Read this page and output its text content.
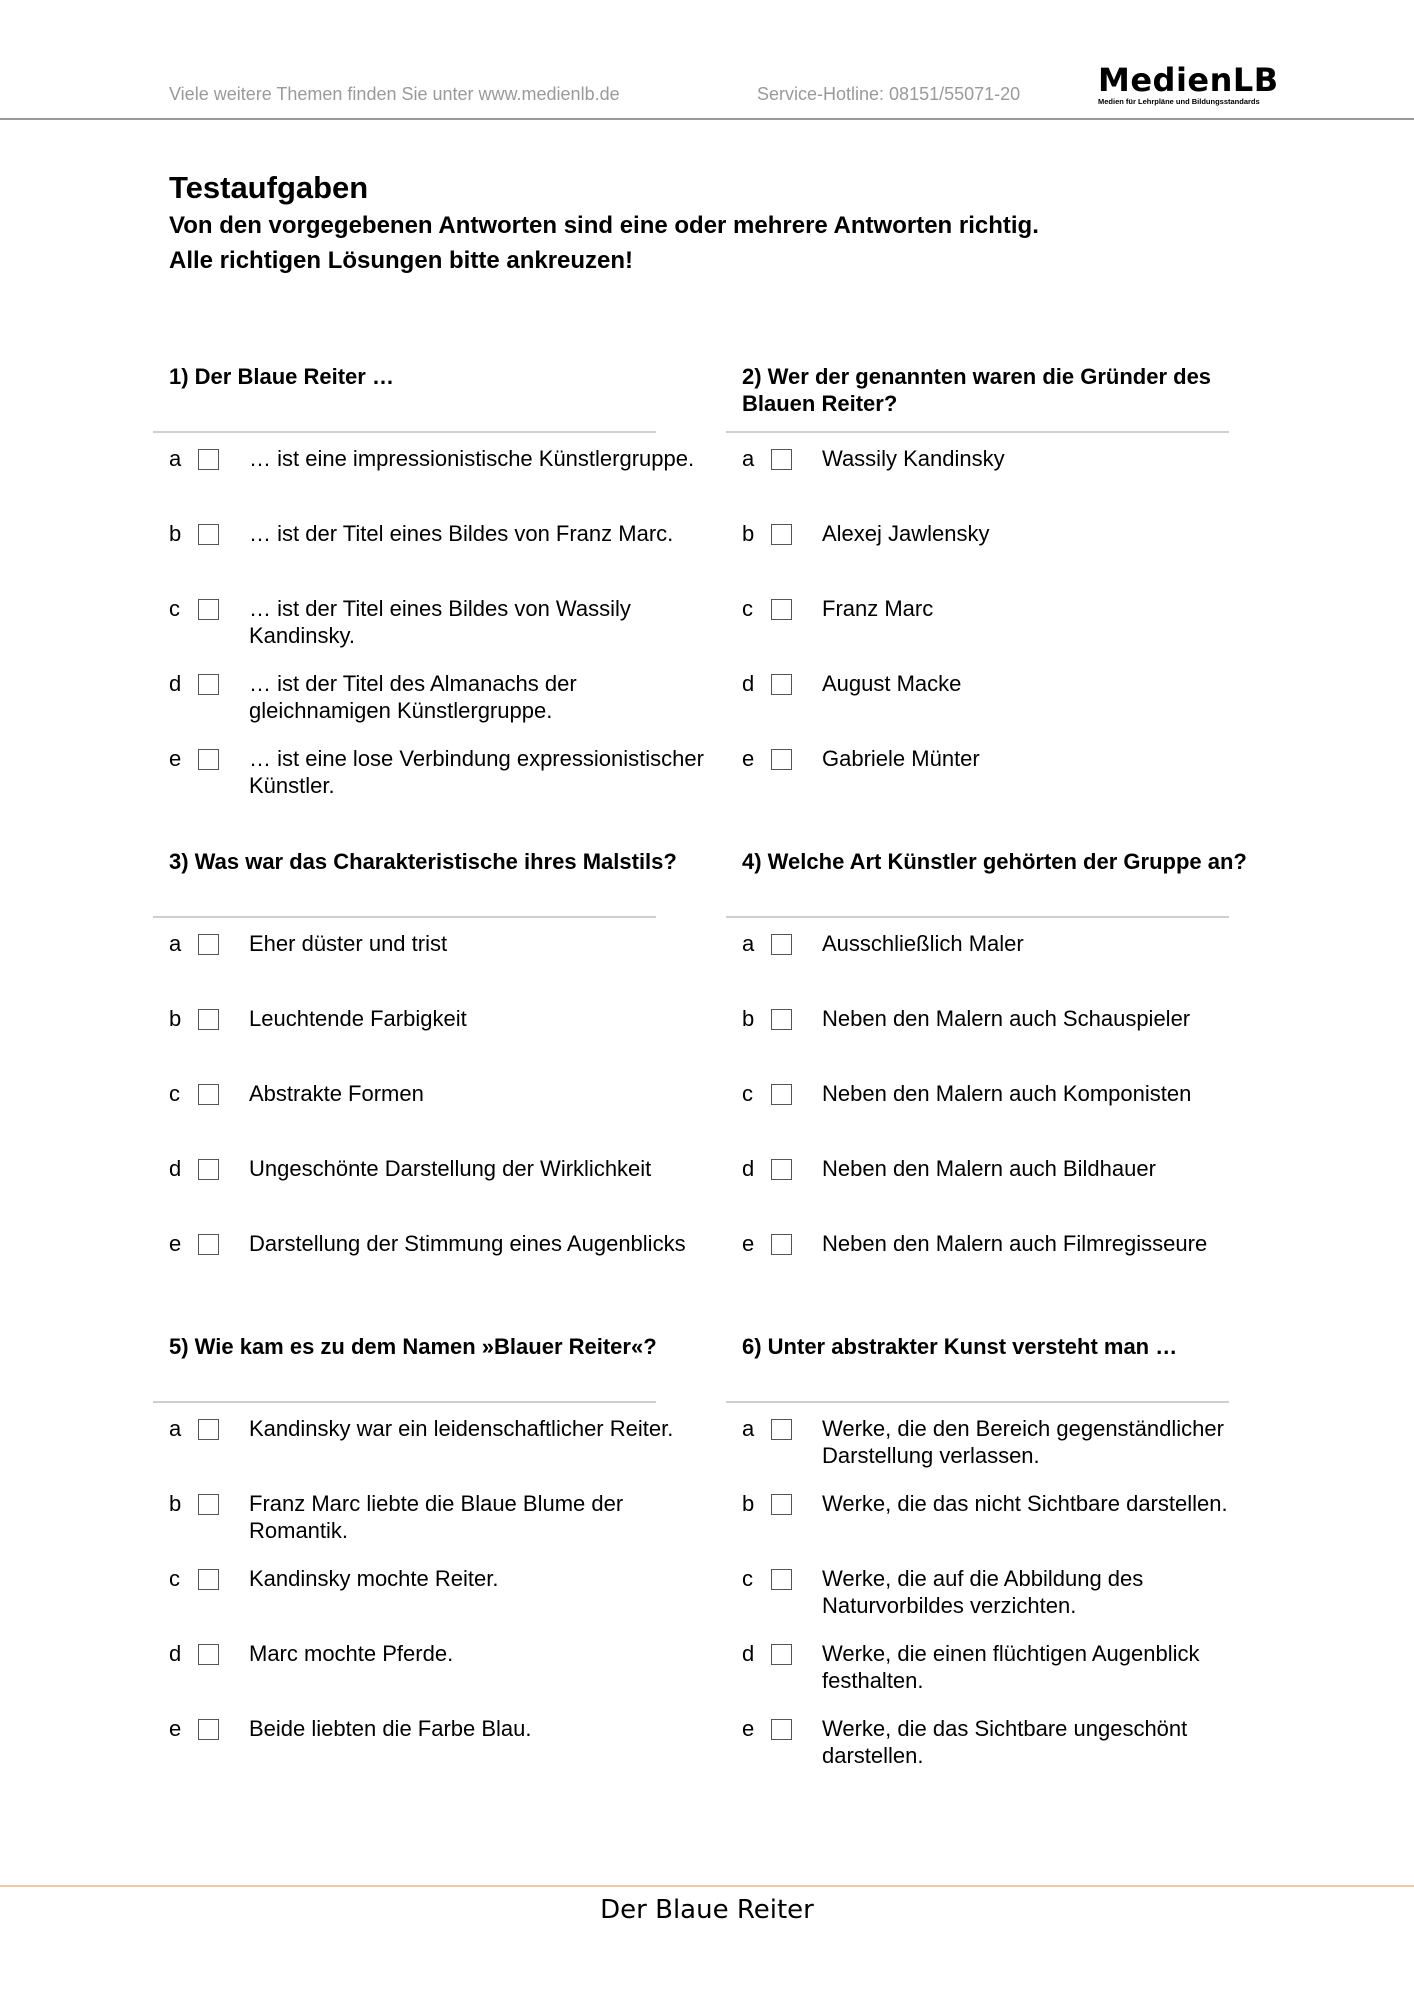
Viele weitere Themen finden Sie unter www.medienlb.de	Service-Hotline: 08151/55071-20 MedienLB
Medien für Lehrpläne und Bildungsstandards
Testaufgaben

Von den vorgegebenen Antworten sind eine oder mehrere Antworten richtig.

Alle richtigen Lösungen bitte ankreuzen!

1) Der Blaue Reiter …
a	… ist eine impressionistische Künstlergruppe.
b	… ist der Titel eines Bildes von Franz Marc.
c	… ist der Titel eines Bildes von Wassily Kandinsky.
d	… ist der Titel des Almanachs der gleichnamigen Künstlergruppe.
e	… ist eine lose Verbindung expressionistischer Künstler.
2) Wer der genannten waren die Gründer des Blauen Reiter?
a	Wassily Kandinsky
b	Alexej Jawlensky
c	Franz Marc
d	August Macke
e	Gabriele Münter
3) Was war das Charakteristische ihres Malstils?
a	Eher düster und trist
b	Leuchtende Farbigkeit
c	Abstrakte Formen
d	Ungeschönte Darstellung der Wirklichkeit
e	Darstellung der Stimmung eines Augenblicks
4) Welche Art Künstler gehörten der Gruppe an?
a	Ausschließlich Maler
b	Neben den Malern auch Schauspieler
c	Neben den Malern auch Komponisten
d	Neben den Malern auch Bildhauer
e	Neben den Malern auch Filmregisseure
5) Wie kam es zu dem Namen »Blauer Reiter«?
a	Kandinsky war ein leidenschaftlicher Reiter.
b	Franz Marc liebte die Blaue Blume der Romantik.
c	Kandinsky mochte Reiter.
d	Marc mochte Pferde.
e	Beide liebten die Farbe Blau.
6) Unter abstrakter Kunst versteht man …
a	Werke, die den Bereich gegenständlicher Darstellung verlassen.
b	Werke, die das nicht Sichtbare darstellen.
c	Werke, die auf die Abbildung des Naturvorbildes verzichten.
d	Werke, die einen flüchtigen Augenblick festhalten.
e	Werke, die das Sichtbare ungeschönt darstellen.
Der Blaue Reiter
